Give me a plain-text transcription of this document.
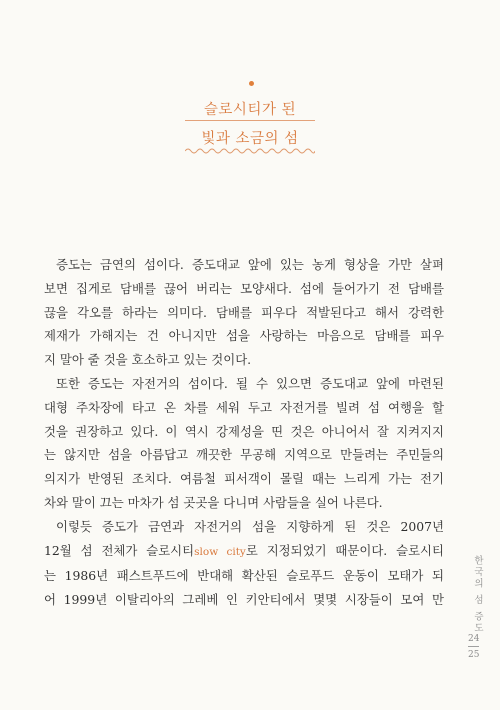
슬로시티가 된
빛과 소금의 섬
증도는 금연의 섬이다. 증도대교 앞에 있는 농게 형상을 가만 살펴
보면 집게로 담배를 끊어 버리는 모양새다. 섬에 들어가기 전 담배를
끊을 각오를 하라는 의미다. 담배를 피우다 적발된다고 해서 강력한
제재가 가해지는 건 아니지만 섬을 사랑하는 마음으로 담배를 피우
지 말아 줄 것을 호소하고 있는 것이다.
또한 증도는 자전거의 섬이다. 될 수 있으면 증도대교 앞에 마련된
대형 주차장에 타고 온 차를 세워 두고 자전거를 빌려 섬 여행을 할
것을 권장하고 있다. 이 역시 강제성을 띤 것은 아니어서 잘 지켜지지
는 않지만 섬을 아름답고 깨끗한 무공해 지역으로 만들려는 주민들의
의지가 반영된 조치다. 여름철 피서객이 몰릴 때는 느리게 가는 전기
차와 말이 끄는 마차가 섬 곳곳을 다니며 사람들을 실어 나른다.
이렇듯 증도가 금연과 자전거의 섬을 지향하게 된 것은 2007년
12월 섬 전체가 슬로시티slow city로 지정되었기 때문이다. 슬로시티
는 1986년 패스트푸드에 반대해 확산된 슬로푸드 운동이 모태가 되
어 1999년 이탈리아의 그레베 인 키안티에서 몇몇 시장들이 모여 만	한국의 섬 증도
24
25
